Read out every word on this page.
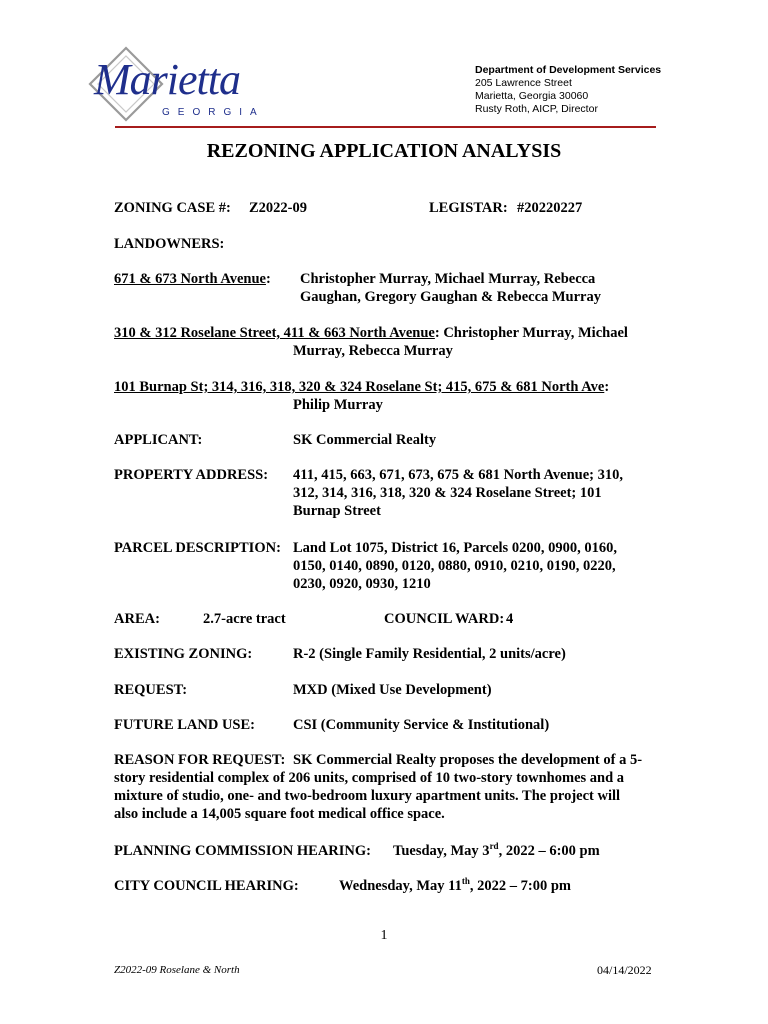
Marietta
GEORGIA
Department of Development Services
205 Lawrence Street
Marietta, Georgia 30060
Rusty Roth, AICP, Director
REZONING APPLICATION ANALYSIS
ZONING CASE #: Z2022-09	LEGISTAR: #20220227
LANDOWNERS:
671 & 673 North Avenue: Christopher Murray, Michael Murray, Rebecca
Gaughan, Gregory Gaughan & Rebecca Murray
310 & 312 Roselane Street, 411 & 663 North Avenue: Christopher Murray, Michael
Murray, Rebecca Murray
101 Burnap St; 314, 316, 318, 320 & 324 Roselane St; 415, 675 & 681 North Ave:
Philip Murray
APPLICANT:	SK Commercial Realty
PROPERTY ADDRESS: 411, 415, 663, 671, 673, 675 & 681 North Avenue; 310,
312, 314, 316, 318, 320 & 324 Roselane Street; 101
Burnap Street
PARCEL DESCRIPTION: Land Lot 1075, District 16, Parcels 0200, 0900, 0160,
0150, 0140, 0890, 0120, 0880, 0910, 0210, 0190, 0220,
0230, 0920, 0930, 1210
AREA:	2.7-acre tract	COUNCIL WARD: 4
EXISTING ZONING:	R-2 (Single Family Residential, 2 units/acre)
REQUEST:	MXD (Mixed Use Development)
FUTURE LAND USE:	CSI (Community Service & Institutional)
REASON FOR REQUEST: SK Commercial Realty proposes the development of a 5-
story residential complex of 206 units, comprised of 10 two-story townhomes and a
mixture of studio, one- and two-bedroom luxury apartment units. The project will
also include a 14,005 square foot medical office space.
PLANNING COMMISSION HEARING: Tuesday, May 3rd, 2022 – 6:00 pm
CITY COUNCIL HEARING:	Wednesday, May 11th, 2022 – 7:00 pm
1
Z2022-09 Roselane & North	04/14/2022
